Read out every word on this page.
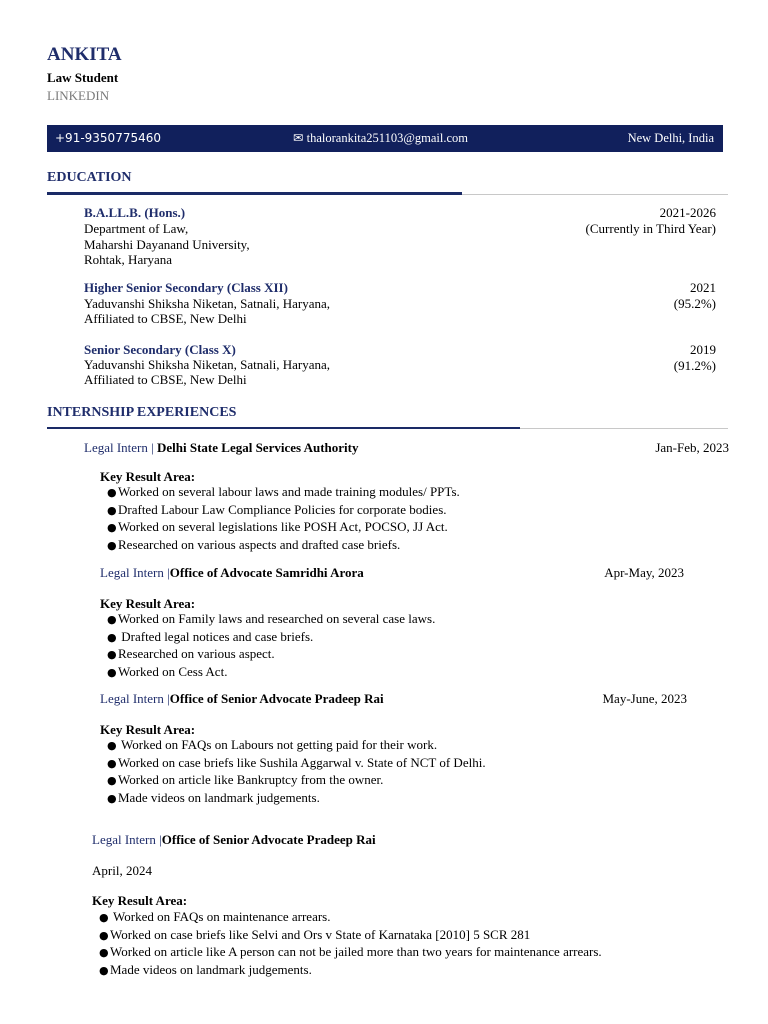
ANKITA
Law Student
LINKEDIN
+91-9350775460	✉ thalorankita251103@gmail.com	New Delhi, India
EDUCATION
B.A.LL.B. (Hons.)
Department of Law,
Maharshi Dayanand University,
Rohtak, Haryana
2021-2026
(Currently in Third Year)
Higher Senior Secondary (Class XII)
Yaduvanshi Shiksha Niketan, Satnali, Haryana,
Affiliated to CBSE, New Delhi
2021
(95.2%)
Senior Secondary (Class X)
Yaduvanshi Shiksha Niketan, Satnali, Haryana,
Affiliated to CBSE, New Delhi
2019
(91.2%)
INTERNSHIP EXPERIENCES
Legal Intern | Delhi State Legal Services Authority	Jan-Feb, 2023
Key Result Area:
●Worked on several labour laws and made training modules/ PPTs.
●Drafted Labour Law Compliance Policies for corporate bodies.
●Worked on several legislations like POSH Act, POCSO, JJ Act.
●Researched on various aspects and drafted case briefs.
Legal Intern |Office of Advocate Samridhi Arora	Apr-May, 2023
Key Result Area:
●Worked on Family laws and researched on several case laws.
● Drafted legal notices and case briefs.
●Researched on various aspect.
●Worked on Cess Act.
Legal Intern |Office of Senior Advocate Pradeep Rai	May-June, 2023
Key Result Area:
● Worked on FAQs on Labours not getting paid for their work.
●Worked on case briefs like Sushila Aggarwal v. State of NCT of Delhi.
●Worked on article like Bankruptcy from the owner.
●Made videos on landmark judgements.
Legal Intern |Office of Senior Advocate Pradeep Rai
April, 2024
Key Result Area:
● Worked on FAQs on maintenance arrears.
●Worked on case briefs like Selvi and Ors v State of Karnataka [2010] 5 SCR 281
●Worked on article like A person can not be jailed more than two years for maintenance arrears.
●Made videos on landmark judgements.
